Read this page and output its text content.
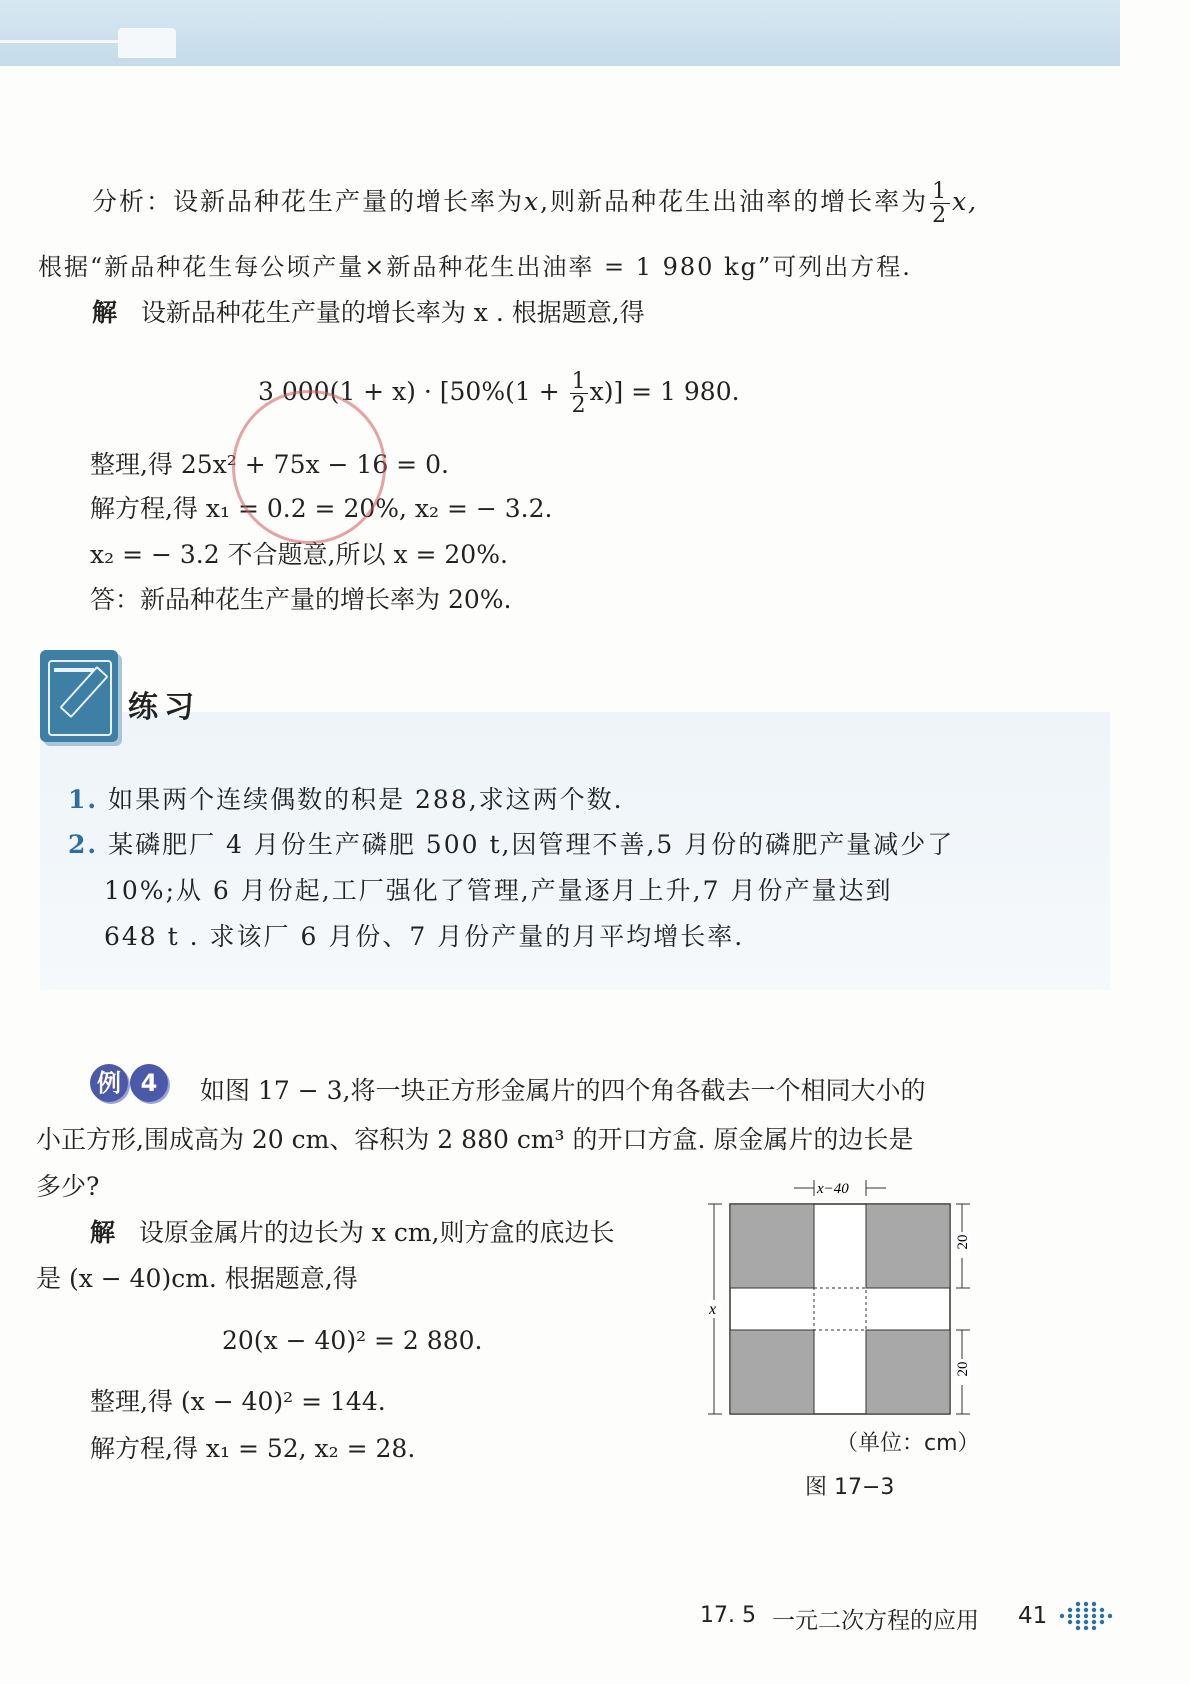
分析：设新品种花生产量的增长率为x,则新品种花生出油率的增长率为 $\frac{1}{2} x$,
根据“新品种花生每公顷产量×新品种花生出油率 = 1 980 kg”可列出方程.
解 设新品种花生产量的增长率为 x . 根据题意,得
3 $000(1 + x) \cdot [50\%(1 + \frac{1}{2} x)] = 1$ 980.
整理,得 25x² + 75x − 16 = 0.
解方程,得 x₁ = 0.2 = 20%, x₂ = − 3.2.
x₂ = − 3.2 不合题意,所以 x = 20%.
答：新品种花生产量的增长率为 20%.
练习
1. 如果两个连续偶数的积是 288,求这两个数.
2. 某磷肥厂 4 月份生产磷肥 500 t,因管理不善,5 月份的磷肥产量减少了
10%;从 6 月份起,工厂强化了管理,产量逐月上升,7 月份产量达到
648 t . 求该厂 6 月份、7 月份产量的月平均增长率.
例 4	如图 17 − 3,将一块正方形金属片的四个角各截去一个相同大小的
小正方形,围成高为 20 cm、容积为 2 880 cm³ 的开口方盒. 原金属片的边长是
多少?
解 设原金属片的边长为 x cm,则方盒的底边长
是 (x − 40)cm. 根据题意,得
20(x − 40)² = 2 880.
整理,得 (x − 40)² = 144.
解方程,得 x₁ = 52, x₂ = 28.
x−40
x
20
20
（单位：cm）
图 17−3
17. 5 一元二次方程的应用 41
